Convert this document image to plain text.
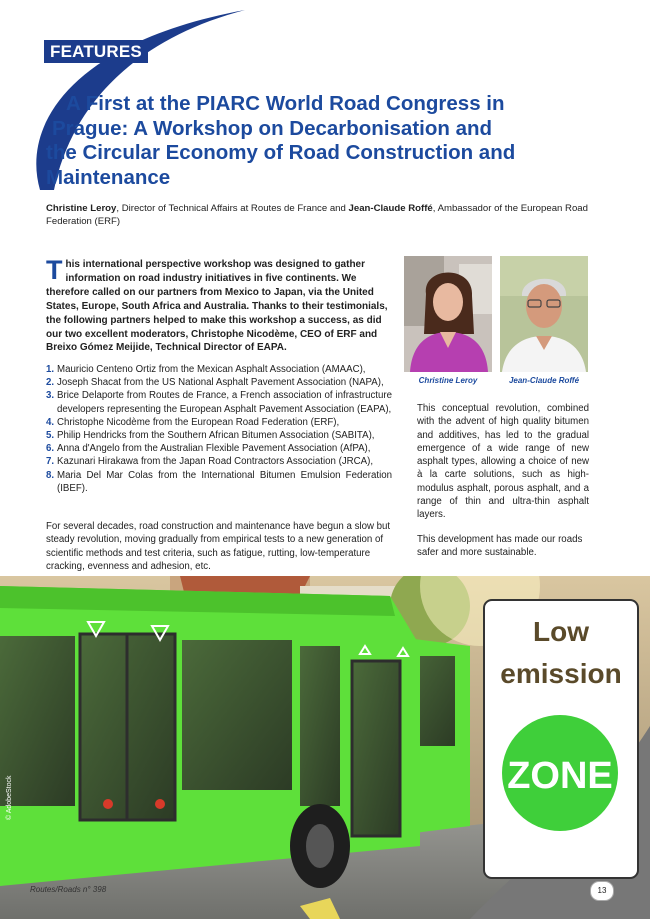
FEATURES
A First at the PIARC World Road Congress in
Prague: A Workshop on Decarbonisation and
the Circular Economy of Road Construction and
Maintenance

Christine Leroy, Director of Technical Affairs at Routes de France and Jean-Claude Roffé, Ambassador of the European Road Federation (ERF)

This international perspective workshop was designed to gather information on road industry initiatives in five continents. We therefore called on our partners from Mexico to Japan, via the United States, Europe, South Africa and Australia. Thanks to their testimonials, the following partners helped to make this workshop a success, as did our two excellent moderators, Christophe Nicodème, CEO of ERF and Breixo Gómez Meijide, Technical Director of EAPA.

1. Mauricio Centeno Ortiz from the Mexican Asphalt Association (AMAAC),
2. Joseph Shacat from the US National Asphalt Pavement Association (NAPA),
3. Brice Delaporte from Routes de France, a French association of infrastructure developers representing the European Asphalt Pavement Association (EAPA),
4. Christophe Nicodème from the European Road Federation (ERF),
5. Philip Hendricks from the Southern African Bitumen Association (SABITA),
6. Anna d'Angelo from the Australian Flexible Pavement Association (AfPA),
7. Kazunari Hirakawa from the Japan Road Contractors Association (JRCA),
8. Maria Del Mar Colas from the International Bitumen Emulsion Federation (IBEF).

For several decades, road construction and maintenance have begun a slow but steady revolution, moving gradually from empirical tests to a new generation of scientific methods and test criteria, such as fatigue, rutting, low-temperature cracking, evenness and adhesion, etc.

Christine Leroy	Jean-Claude Roffé

This conceptual revolution, combined with the advent of high quality bitumen and additives, has led to the gradual emergence of a wide range of new asphalt types, allowing a choice of new à la carte solutions, such as high-modulus asphalt, porous asphalt, and a range of thin and ultra-thin asphalt layers.

This development has made our roads safer and more sustainable.

Low
emission
ZONE
© AdobeStock
Routes/Roads n° 398	13
